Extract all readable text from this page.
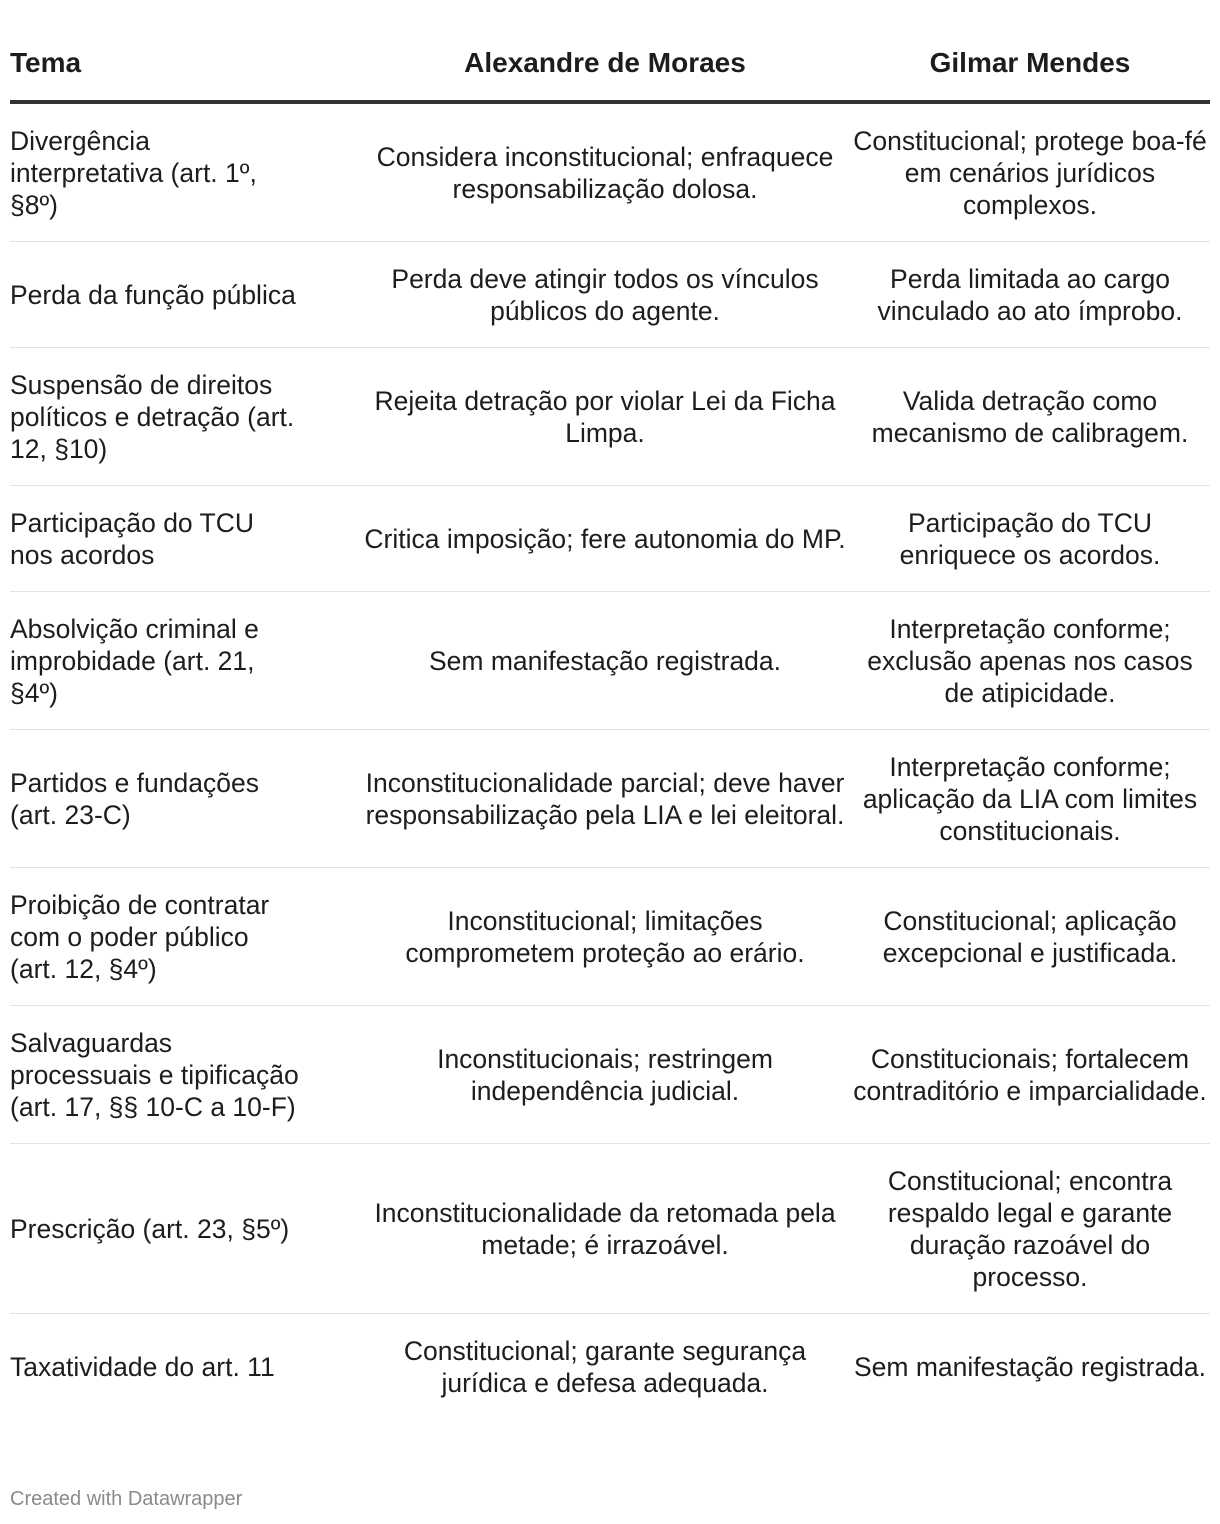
Tema	Alexandre de Moraes	Gilmar Mendes
Divergência interpretativa (art. 1º, §8º)	Considera inconstitucional; enfraquece responsabilização dolosa.	Constitucional; protege boa-fé em cenários jurídicos complexos.
Perda da função pública	Perda deve atingir todos os vínculos públicos do agente.	Perda limitada ao cargo vinculado ao ato ímprobo.
Suspensão de direitos políticos e detração (art. 12, §10)	Rejeita detração por violar Lei da Ficha Limpa.	Valida detração como mecanismo de calibragem.
Participação do TCU nos acordos	Critica imposição; fere autonomia do MP.	Participação do TCU enriquece os acordos.
Absolvição criminal e improbidade (art. 21, §4º)	Sem manifestação registrada.	Interpretação conforme; exclusão apenas nos casos de atipicidade.
Partidos e fundações (art. 23-C)	Inconstitucionalidade parcial; deve haver responsabilização pela LIA e lei eleitoral.	Interpretação conforme; aplicação da LIA com limites constitucionais.
Proibição de contratar com o poder público (art. 12, §4º)	Inconstitucional; limitações comprometem proteção ao erário.	Constitucional; aplicação excepcional e justificada.
Salvaguardas processuais e tipificação (art. 17, §§ 10-C a 10-F)	Inconstitucionais; restringem independência judicial.	Constitucionais; fortalecem contraditório e imparcialidade.
Prescrição (art. 23, §5º)	Inconstitucionalidade da retomada pela metade; é irrazoável.	Constitucional; encontra respaldo legal e garante duração razoável do processo.
Taxatividade do art. 11	Constitucional; garante segurança jurídica e defesa adequada.	Sem manifestação registrada.
Created with Datawrapper
